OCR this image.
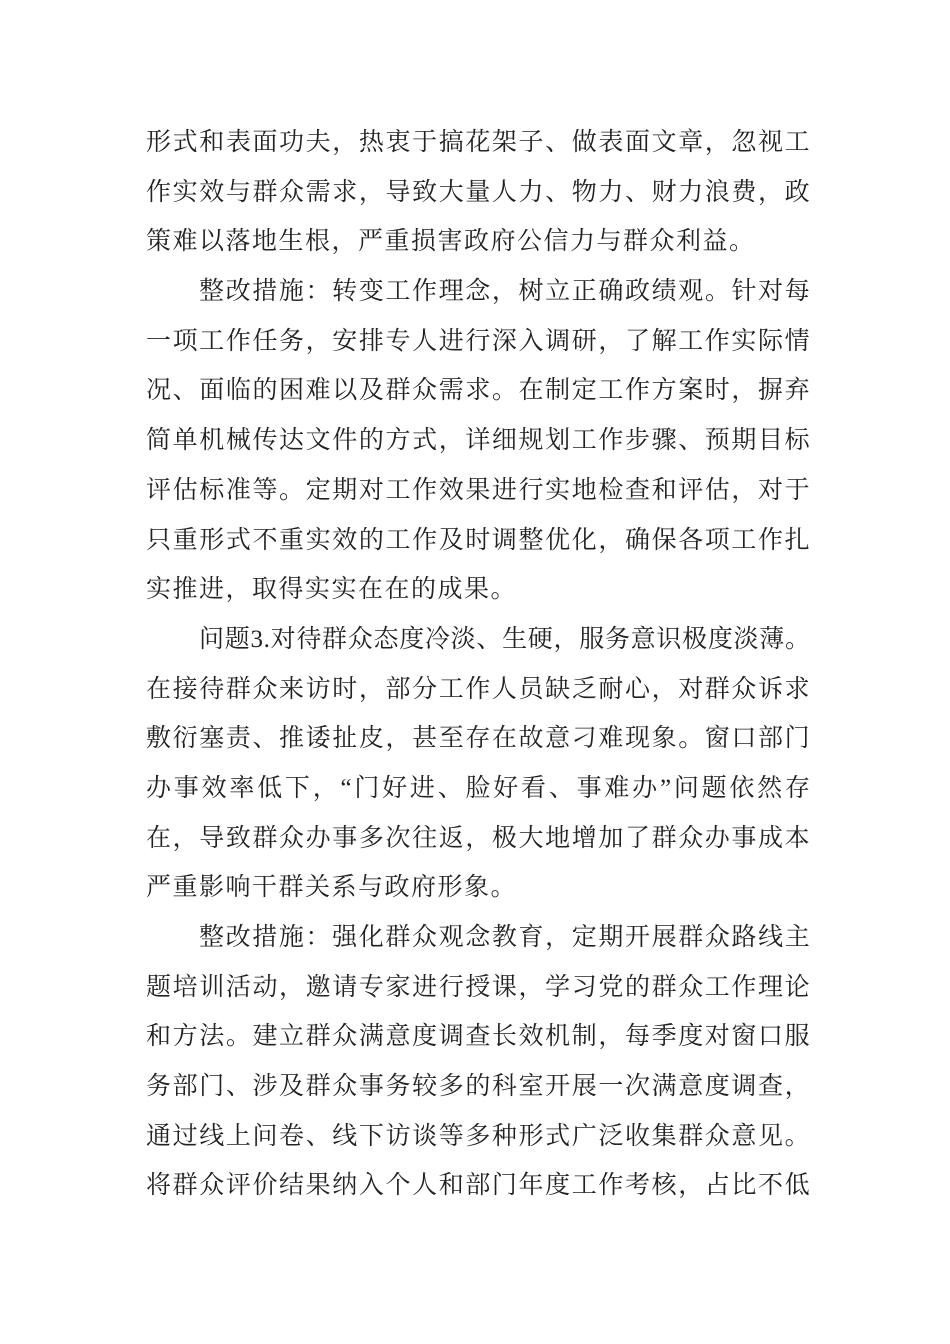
形 式 和 表 面 功 夫 ， 热 衷 于 搞 花 架 子 、 做 表 面 文 章 ， 忽 视 工
作 实 效 与 群 众 需 求 ， 导 致 大 量 人 力 、 物 力 、 财 力 浪 费 ， 政
策难以落地生根，严重损害政府公信力与群众利益。
整 改 措 施 ： 转 变 工 作 理 念 ， 树 立 正 确 政 绩 观 。 针 对 每
一 项 工 作 任 务 ， 安 排 专 人 进 行 深 入 调 研 ， 了 解 工 作 实 际 情
况 、 面 临 的 困 难 以 及 群 众 需 求 。 在 制 定 工 作 方 案 时 ， 摒 弃
简 单 机 械 传 达 文 件 的 方 式 ， 详 细 规 划 工 作 步 骤 、 预 期 目 标
评 估 标 准 等 。 定 期 对 工 作 效 果 进 行 实 地 检 查 和 评 估 ， 对 于
只 重 形 式 不 重 实 效 的 工 作 及 时 调 整 优 化 ， 确 保 各 项 工 作 扎
实推进，取得实实在在的成果。
问 题 3 . 对 待 群 众 态 度 冷 淡 、 生 硬 ， 服 务 意 识 极 度 淡 薄 。
在 接 待 群 众 来 访 时 ， 部 分 工 作 人 员 缺 乏 耐 心 ， 对 群 众 诉 求
敷 衍 塞 责 、 推 诿 扯 皮 ， 甚 至 存 在 故 意 刁 难 现 象 。 窗 口 部 门
办 事 效 率 低 下 ， “ 门 好 进 、 脸 好 看 、 事 难 办 ” 问 题 依 然 存
在 ， 导 致 群 众 办 事 多 次 往 返 ， 极 大 地 增 加 了 群 众 办 事 成 本
严重影响干群关系与政府形象。
整 改 措 施 ： 强 化 群 众 观 念 教 育 ， 定 期 开 展 群 众 路 线 主
题 培 训 活 动 ， 邀 请 专 家 进 行 授 课 ， 学 习 党 的 群 众 工 作 理 论
和 方 法 。 建 立 群 众 满 意 度 调 查 长 效 机 制 ， 每 季 度 对 窗 口 服
务 部 门 、 涉 及 群 众 事 务 较 多 的 科 室 开 展 一 次 满 意 度 调 查 ，
通 过 线 上 问 卷 、 线 下 访 谈 等 多 种 形 式 广 泛 收 集 群 众 意 见 。
将 群 众 评 价 结 果 纳 入 个 人 和 部 门 年 度 工 作 考 核 ， 占 比 不 低
